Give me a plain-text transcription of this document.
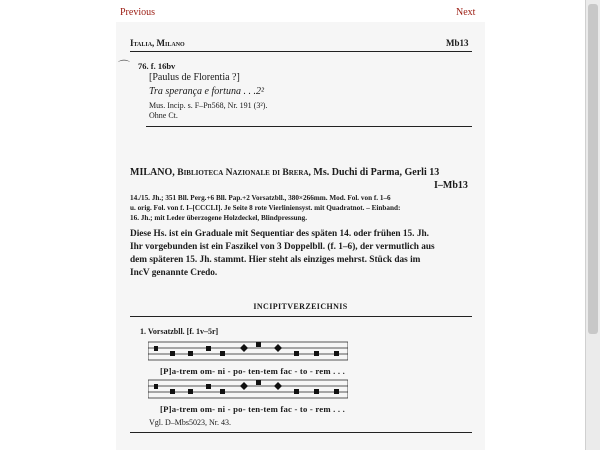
Previous	Next
Italia, Milano	Mb13
⌒ 76. f. 16bv
[Paulus de Florentia ?]
Tra sperança e fortuna . . .2²
Mus. Incip. s. F–Pn568, Nr. 191 (3²).
Ohne Ct.
MILANO, Biblioteca Nazionale di Brera, Ms. Duchi di Parma, Gerli 13
I–Mb13
14./15. Jh.; 351 Bll. Perg.+6 Bll. Pap.+2 Vorsatzbll., 380×266mm. Mod. Fol. von f. 1–6
u. orig. Fol. von f. I–[CCCLI]. Je Seite 8 rote Vierliniensyst. mit Quadratnot. – Einband:
16. Jh.; mit Leder überzogene Holzdeckel, Blindpressung.
Diese Hs. ist ein Graduale mit Sequentiar des späten 14. oder frühen 15. Jh.
Ihr vorgebunden ist ein Faszikel von 3 Doppelbll. (f. 1–6), der vermutlich aus
dem späteren 15. Jh. stammt. Hier steht als einziges mehrst. Stück das im
IncV genannte Credo.
INCIPITVERZEICHNIS
1. Vorsatzbll. [f. 1v–5r]
[P]a-trem om- ni - po- ten-tem fac - to - rem . . .
[P]a-trem om- ni - po- ten-tem fac - to - rem . . .
Vgl. D–Mbs5023, Nr. 43.
